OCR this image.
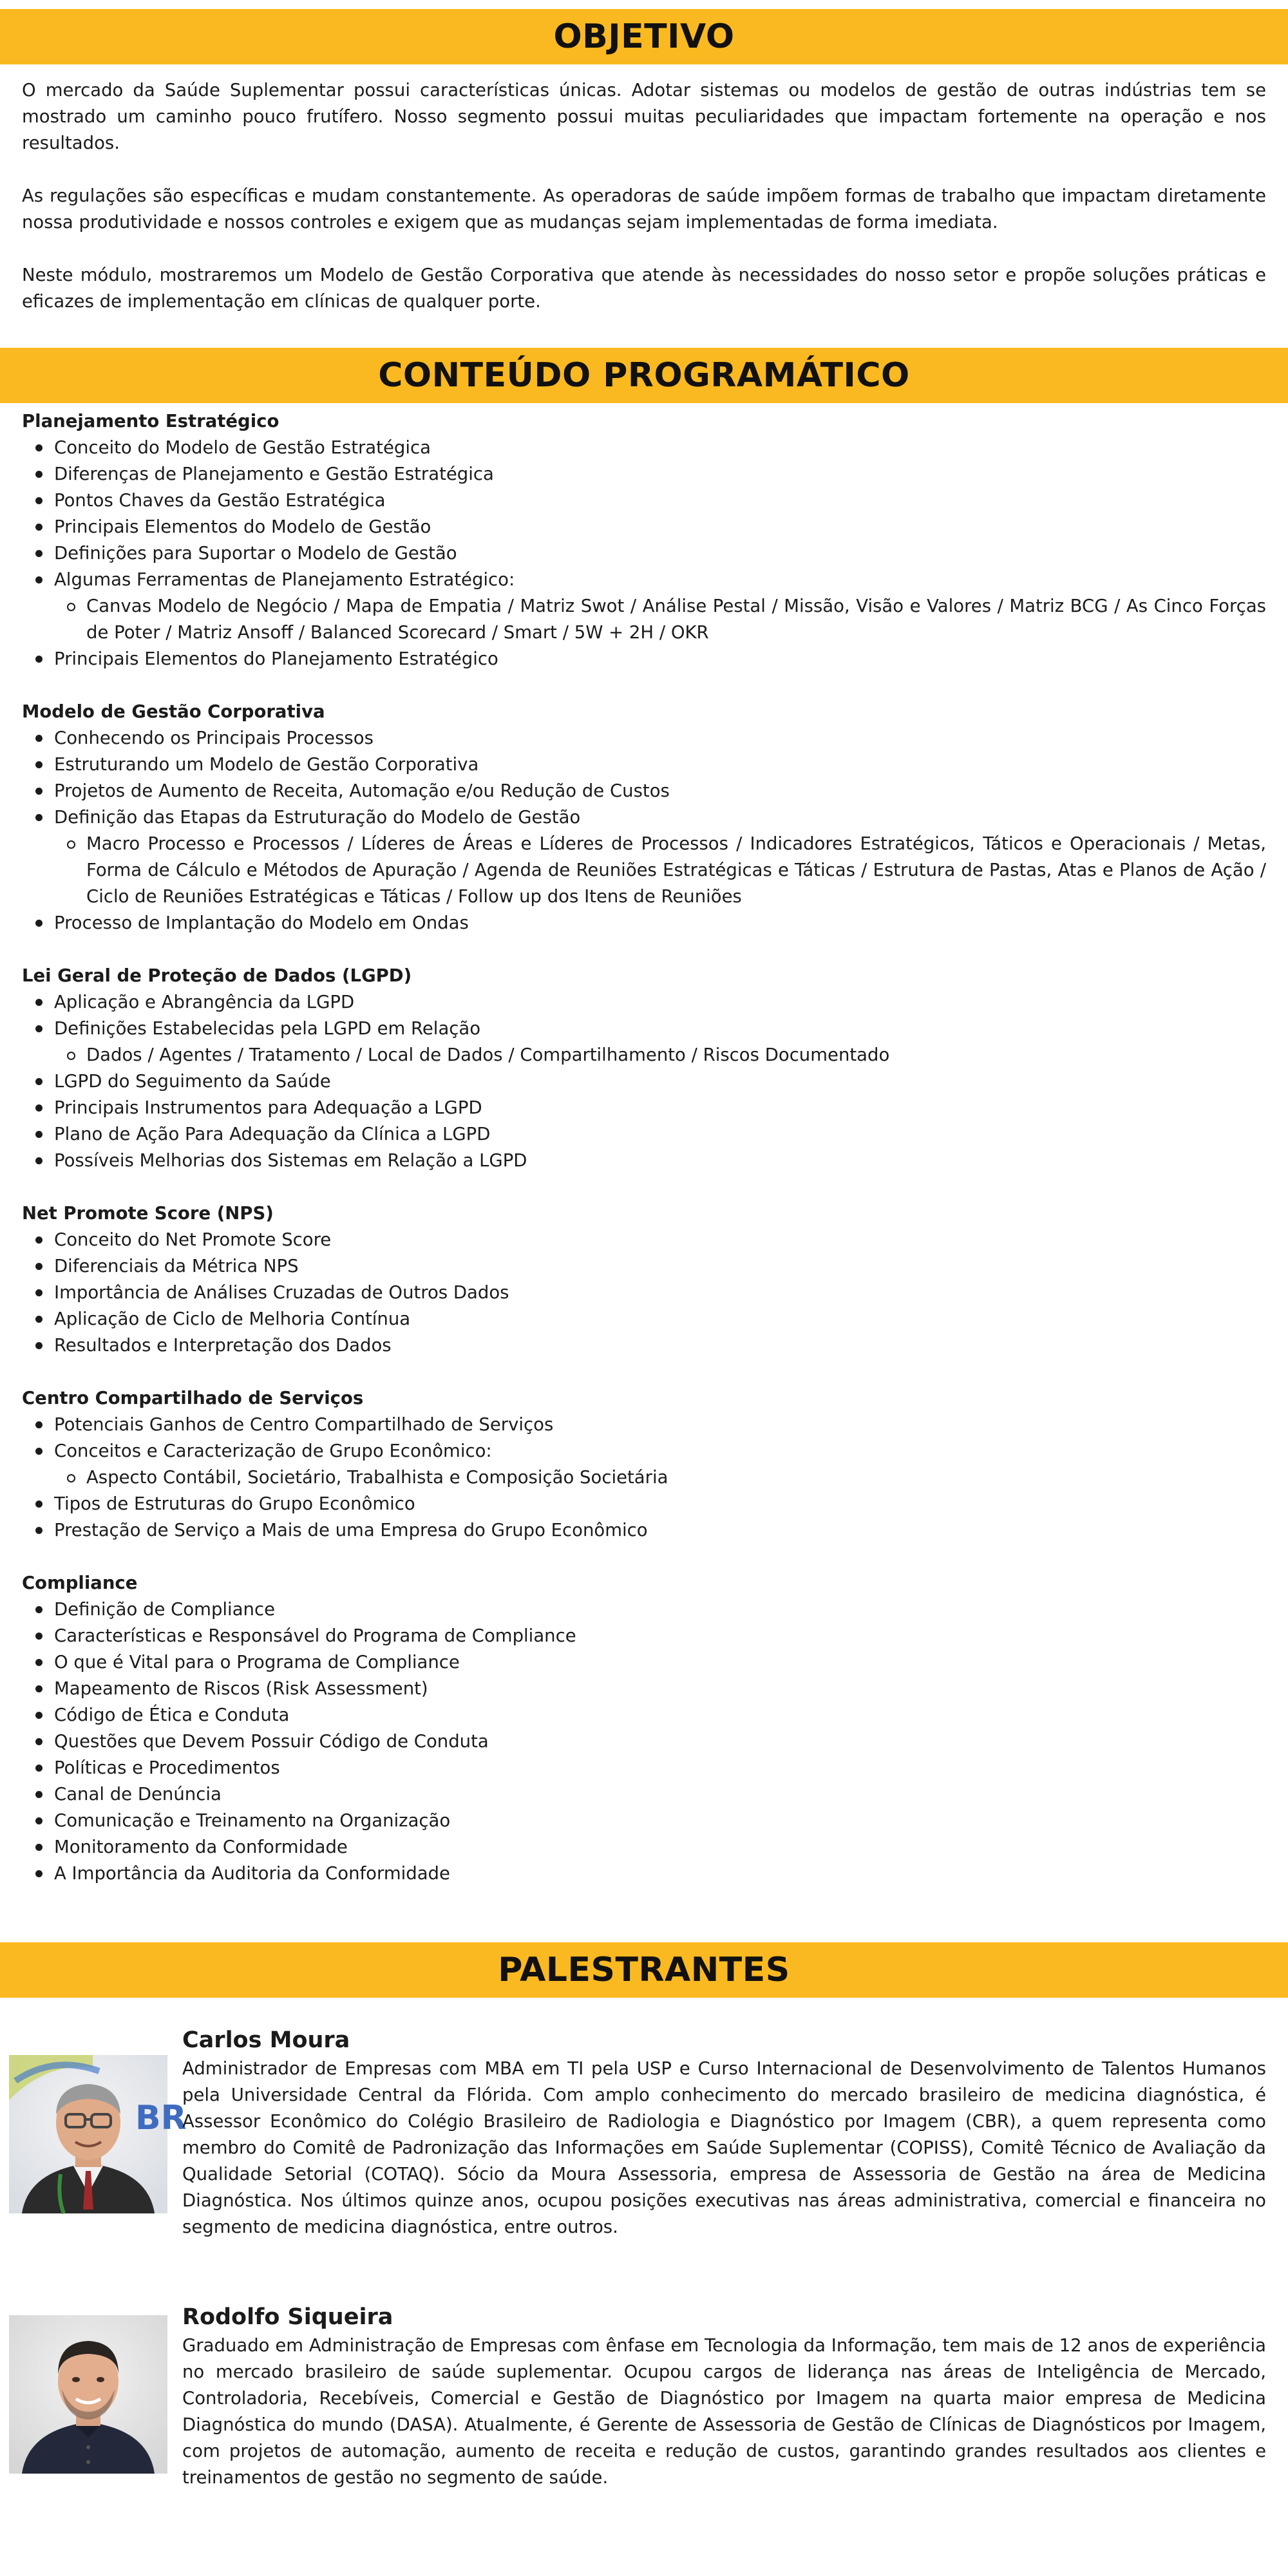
OBJETIVO

O mercado da Saúde Suplementar possui características únicas. Adotar sistemas ou modelos de gestão de outras indústrias tem se mostrado um caminho pouco frutífero. Nosso segmento possui muitas peculiaridades que impactam fortemente na operação e nos resultados.

As regulações são específicas e mudam constantemente. As operadoras de saúde impõem formas de trabalho que impactam diretamente nossa produtividade e nossos controles e exigem que as mudanças sejam implementadas de forma imediata.

Neste módulo, mostraremos um Modelo de Gestão Corporativa que atende às necessidades do nosso setor e propõe soluções práticas e eficazes de implementação em clínicas de qualquer porte.

CONTEÚDO PROGRAMÁTICO
Planejamento Estratégico
Conceito do Modelo de Gestão Estratégica
Diferenças de Planejamento e Gestão Estratégica
Pontos Chaves da Gestão Estratégica
Principais Elementos do Modelo de Gestão
Definições para Suportar o Modelo de Gestão
Algumas Ferramentas de Planejamento Estratégico:
Canvas Modelo de Negócio / Mapa de Empatia / Matriz Swot / Análise Pestal / Missão, Visão e Valores / Matriz BCG / As Cinco Forças de Poter / Matriz Ansoff / Balanced Scorecard / Smart / 5W + 2H / OKR
Principais Elementos do Planejamento Estratégico
Modelo de Gestão Corporativa
Conhecendo os Principais Processos
Estruturando um Modelo de Gestão Corporativa
Projetos de Aumento de Receita, Automação e/ou Redução de Custos
Definição das Etapas da Estruturação do Modelo de Gestão
Macro Processo e Processos / Líderes de Áreas e Líderes de Processos / Indicadores Estratégicos, Táticos e Operacionais / Metas, Forma de Cálculo e Métodos de Apuração / Agenda de Reuniões Estratégicas e Táticas / Estrutura de Pastas, Atas e Planos de Ação / Ciclo de Reuniões Estratégicas e Táticas / Follow up dos Itens de Reuniões
Processo de Implantação do Modelo em Ondas
Lei Geral de Proteção de Dados (LGPD)
Aplicação e Abrangência da LGPD
Definições Estabelecidas pela LGPD em Relação
Dados / Agentes / Tratamento / Local de Dados / Compartilhamento / Riscos Documentado
LGPD do Seguimento da Saúde
Principais Instrumentos para Adequação a LGPD
Plano de Ação Para Adequação da Clínica a LGPD
Possíveis Melhorias dos Sistemas em Relação a LGPD
Net Promote Score (NPS)
Conceito do Net Promote Score
Diferenciais da Métrica NPS
Importância de Análises Cruzadas de Outros Dados
Aplicação de Ciclo de Melhoria Contínua
Resultados e Interpretação dos Dados
Centro Compartilhado de Serviços
Potenciais Ganhos de Centro Compartilhado de Serviços
Conceitos e Caracterização de Grupo Econômico:
Aspecto Contábil, Societário, Trabalhista e Composição Societária
Tipos de Estruturas do Grupo Econômico
Prestação de Serviço a Mais de uma Empresa do Grupo Econômico
Compliance
Definição de Compliance
Características e Responsável do Programa de Compliance
O que é Vital para o Programa de Compliance
Mapeamento de Riscos (Risk Assessment)
Código de Ética e Conduta
Questões que Devem Possuir Código de Conduta
Políticas e Procedimentos
Canal de Denúncia
Comunicação e Treinamento na Organização
Monitoramento da Conformidade
A Importância da Auditoria da Conformidade
PALESTRANTES
BR
Carlos Moura

Administrador de Empresas com MBA em TI pela USP e Curso Internacional de Desenvolvimento de Talentos Humanos pela Universidade Central da Flórida. Com amplo conhecimento do mercado brasileiro de medicina diagnóstica, é Assessor Econômico do Colégio Brasileiro de Radiologia e Diagnóstico por Imagem (CBR), a quem representa como membro do Comitê de Padronização das Informações em Saúde Suplementar (COPISS), Comitê Técnico de Avaliação da Qualidade Setorial (COTAQ). Sócio da Moura Assessoria, empresa de Assessoria de Gestão na área de Medicina Diagnóstica. Nos últimos quinze anos, ocupou posições executivas nas áreas administrativa, comercial e financeira no segmento de medicina diagnóstica, entre outros.

Rodolfo Siqueira

Graduado em Administração de Empresas com ênfase em Tecnologia da Informação, tem mais de 12 anos de experiência no mercado brasileiro de saúde suplementar. Ocupou cargos de liderança nas áreas de Inteligência de Mercado, Controladoria, Recebíveis, Comercial e Gestão de Diagnóstico por Imagem na quarta maior empresa de Medicina Diagnóstica do mundo (DASA). Atualmente, é Gerente de Assessoria de Gestão de Clínicas de Diagnósticos por Imagem, com projetos de automação, aumento de receita e redução de custos, garantindo grandes resultados aos clientes e treinamentos de gestão no segmento de saúde.
